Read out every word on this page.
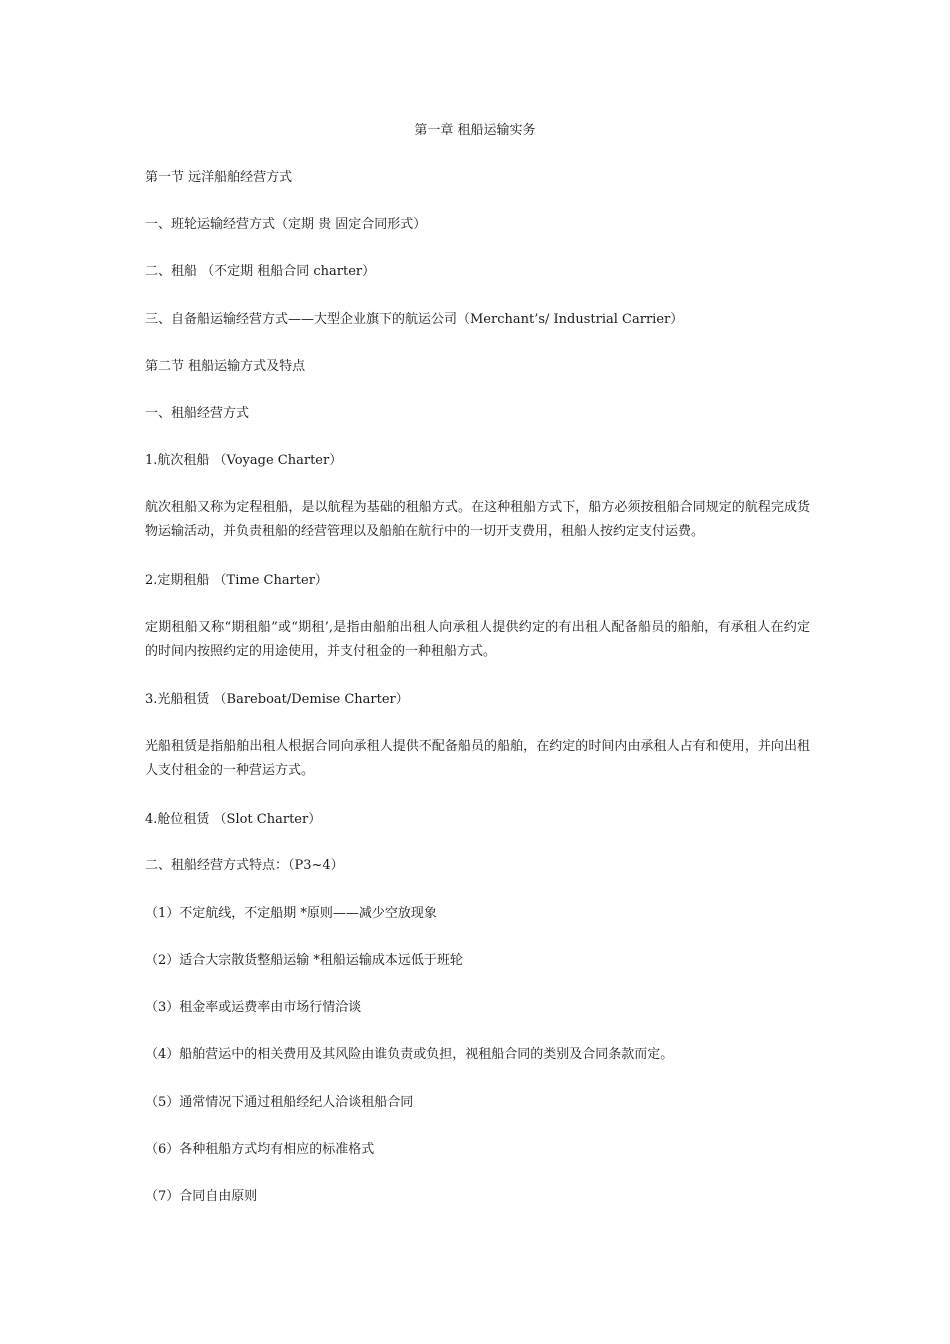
第一章 租船运输实务
第一节 远洋船舶经营方式
一、班轮运输经营方式（定期 贵 固定合同形式）
二、租船 （不定期 租船合同 charter）
三、自备船运输经营方式——大型企业旗下的航运公司（Merchant’s/ Industrial Carrier）
第二节 租船运输方式及特点
一、租船经营方式
1.航次租船 （Voyage Charter）
航次租船又称为定程租船，是以航程为基础的租船方式。在这种租船方式下，船方必须按租船合同规定的航程完成货物运输活动，并负责租船的经营管理以及船舶在航行中的一切开支费用，租船人按约定支付运费。
2.定期租船 （Time Charter）
定期租船又称“期租船”或“期租’,是指由船舶出租人向承租人提供约定的有出租人配备船员的船舶，有承租人在约定的时间内按照约定的用途使用，并支付租金的一种租船方式。
3.光船租赁 （Bareboat/Demise Charter）
光船租赁是指船舶出租人根据合同向承租人提供不配备船员的船舶，在约定的时间内由承租人占有和使用，并向出租人支付租金的一种营运方式。
4.舱位租赁 （Slot Charter）
二、租船经营方式特点：（P3~4）
（1）不定航线，不定船期 *原则——减少空放现象
（2）适合大宗散货整船运输 *租船运输成本远低于班轮
（3）租金率或运费率由市场行情洽谈
（4）船舶营运中的相关费用及其风险由谁负责或负担，视租船合同的类别及合同条款而定。
（5）通常情况下通过租船经纪人洽谈租船合同
（6）各种租船方式均有相应的标准格式
（7）合同自由原则
